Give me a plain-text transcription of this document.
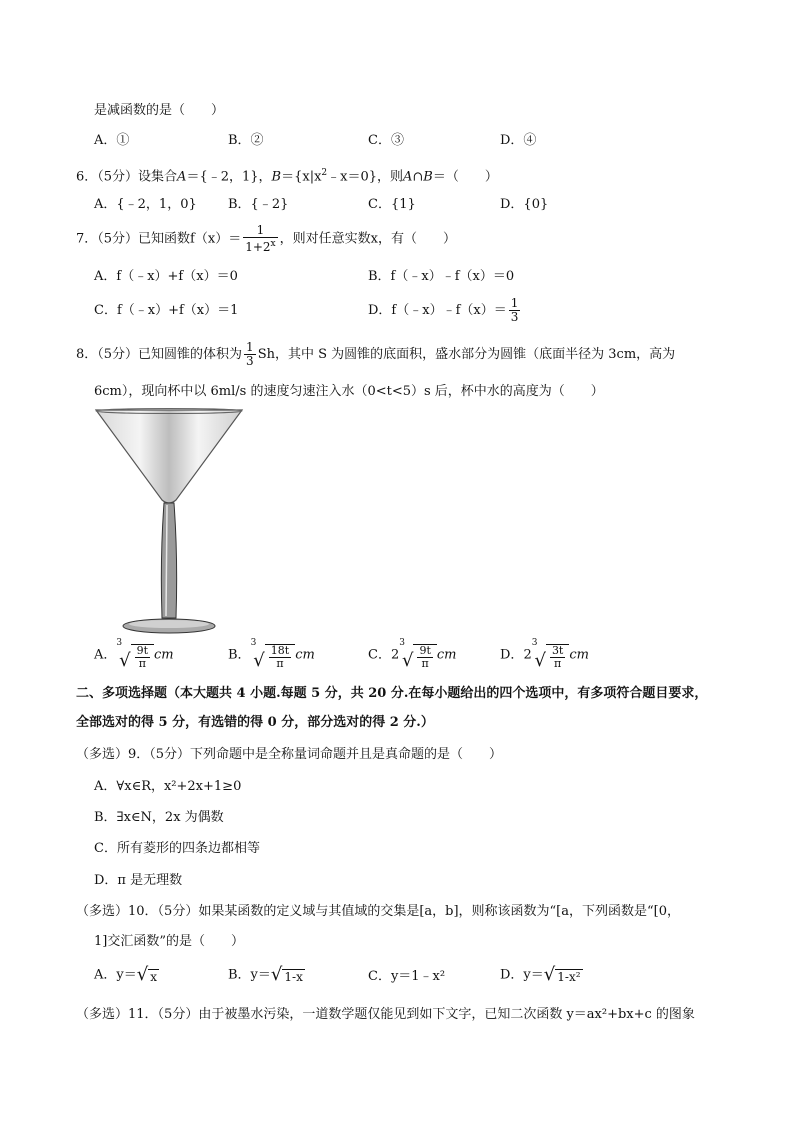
是减函数的是（　　）
A．①	B．②	C．③	D．④
6．（5分）设集合A＝{﹣2，1}，$B=\{x|x^2﹣x=0\}$，则A∩B＝（　　）
A．{﹣2，1，0} B．{﹣2}	C．{1}	D．{0}
7．（5分）已知函数$f(x)= \frac{1}{1+2^x}$ ，则对任意实数x，有（　　）
A．f（﹣x）+f（x）＝0	B．f（﹣x）﹣f（x）＝0
C．f（﹣x）+f（x）＝1	D．f（﹣x）﹣f（x）＝ $\frac{1}{3}$
8．（5分）已知圆锥的体积为 $\frac{1}{3}$ Sh，其中 S 为圆锥的底面积，盛水部分为圆锥（底面半径为 3cm，高为
6cm），现向杯中以 6ml/s 的速度匀速注入水（0<t<5）s 后，杯中水的高度为（　　）
A．
3
√ $\frac{9t}{\pi}$ cm	B．
3
√ $\frac{18t}{\pi}$ cm	C．2
3
√ $\frac{9t}{\pi}$ cm	D．2
3
√ $\frac{3t}{\pi}$ cm
二、多项选择题（本大题共 4 小题.每题 5 分，共 20 分.在每小题给出的四个选项中，有多项符合题目要求，
全部选对的得 5 分，有选错的得 0 分，部分选对的得 2 分.）
（多选）9．（5分）下列命题中是全称量词命题并且是真命题的是（　　）
A．∀x∈R，x²+2x+1≥0
B．∃x∈N，2x 为偶数
C．所有菱形的四条边都相等
D．π 是无理数
（多选）10．（5分）如果某函数的定义域与其值域的交集是[a，b]，则称该函数为“[a，下列函数是“[0，
1]交汇函数”的是（　　）
A．y＝ √ x	B．y＝ √ 1-x	C．y＝1﹣x²	D．y＝ √ 1-x²
（多选）11．（5分）由于被墨水污染，一道数学题仅能见到如下文字，已知二次函数 y＝ax²+bx+c 的图象
